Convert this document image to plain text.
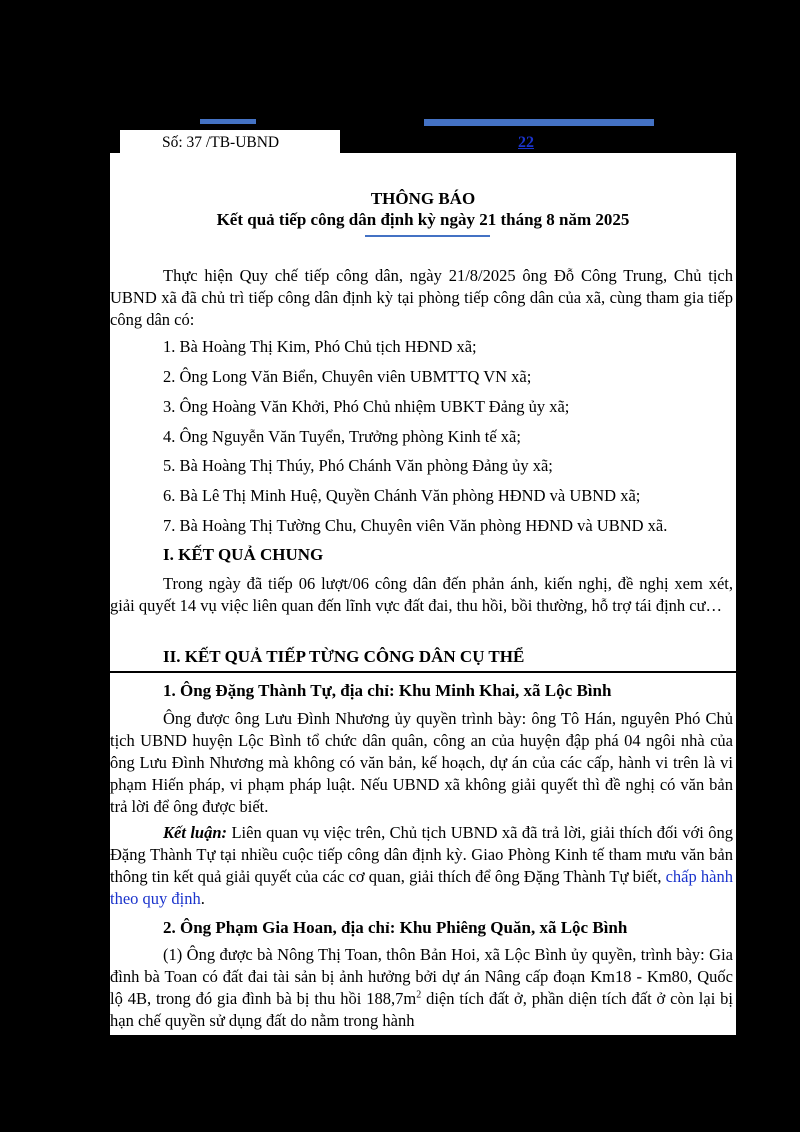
Số: 37 /TB-UBND	22
THÔNG BÁO
Kết quả tiếp công dân định kỳ ngày 21 tháng 8 năm 2025
Thực hiện Quy chế tiếp công dân, ngày 21/8/2025 ông Đỗ Công Trung, Chủ tịch UBND xã đã chủ trì tiếp công dân định kỳ tại phòng tiếp công dân của xã, cùng tham gia tiếp công dân có:
1. Bà Hoàng Thị Kim, Phó Chủ tịch HĐND xã;
2. Ông Long Văn Biển, Chuyên viên UBMTTQ VN xã;
3. Ông Hoàng Văn Khởi, Phó Chủ nhiệm UBKT Đảng ủy xã;
4. Ông Nguyễn Văn Tuyển, Trưởng phòng Kinh tế xã;
5. Bà Hoàng Thị Thúy, Phó Chánh Văn phòng Đảng ủy xã;
6. Bà Lê Thị Minh Huệ, Quyền Chánh Văn phòng HĐND và UBND xã;
7. Bà Hoàng Thị Tường Chu, Chuyên viên Văn phòng HĐND và UBND xã.
I. KẾT QUẢ CHUNG
Trong ngày đã tiếp 06 lượt/06 công dân đến phản ánh, kiến nghị, đề nghị xem xét, giải quyết 14 vụ việc liên quan đến lĩnh vực đất đai, thu hồi, bồi thường, hỗ trợ tái định cư…
II. KẾT QUẢ TIẾP TỪNG CÔNG DÂN CỤ THỂ
1. Ông Đặng Thành Tự, địa chỉ: Khu Minh Khai, xã Lộc Bình
Ông được ông Lưu Đình Nhương ủy quyền trình bày: ông Tô Hán, nguyên Phó Chủ tịch UBND huyện Lộc Bình tổ chức dân quân, công an của huyện đập phá 04 ngôi nhà của ông Lưu Đình Nhương mà không có văn bản, kế hoạch, dự án của các cấp, hành vi trên là vi phạm Hiến pháp, vi phạm pháp luật. Nếu UBND xã không giải quyết thì đề nghị có văn bản trả lời để ông được biết.
Kết luận: Liên quan vụ việc trên, Chủ tịch UBND xã đã trả lời, giải thích đối với ông Đặng Thành Tự tại nhiều cuộc tiếp công dân định kỳ. Giao Phòng Kinh tế tham mưu văn bản thông tin kết quả giải quyết của các cơ quan, giải thích để ông Đặng Thành Tự biết, chấp hành theo quy định.
2. Ông Phạm Gia Hoan, địa chỉ: Khu Phiêng Quăn, xã Lộc Bình
(1) Ông được bà Nông Thị Toan, thôn Bản Hoi, xã Lộc Bình ủy quyền, trình bày: Gia đình bà Toan có đất đai tài sản bị ảnh hưởng bởi dự án Nâng cấp đoạn Km18 - Km80, Quốc lộ 4B, trong đó gia đình bà bị thu hồi $188,7m^2$ diện tích đất ở, phần diện tích đất ở còn lại bị hạn chế quyền sử dụng đất do nằm trong hành
